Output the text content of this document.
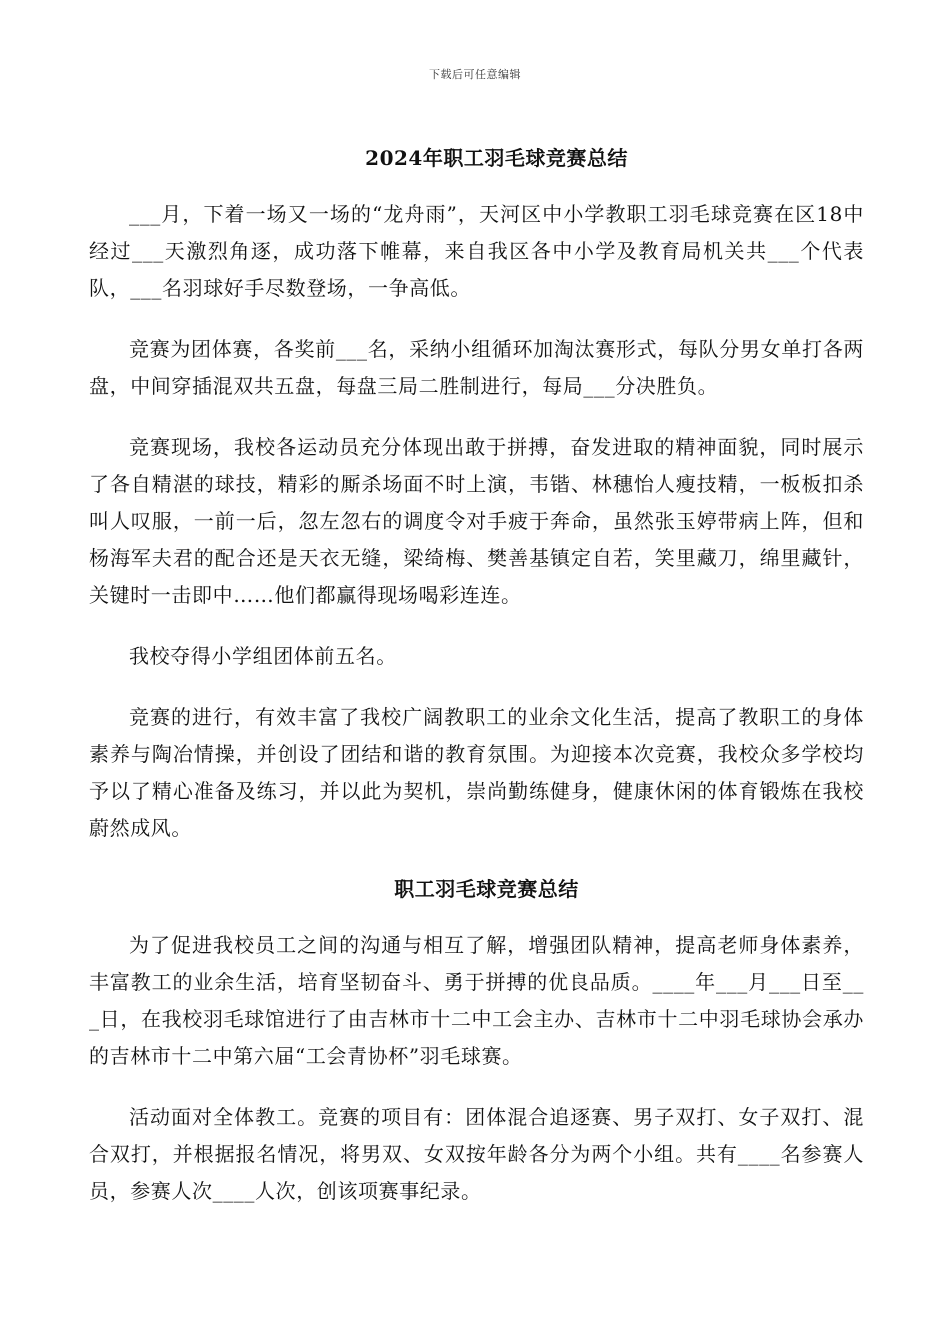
下载后可任意编辑
2024年职工羽毛球竞赛总结

___月，下着一场又一场的“龙舟雨”，天河区中小学教职工羽毛球竞赛在区18中经过___天激烈角逐，成功落下帷幕，来自我区各中小学及教育局机关共___个代表队，___名羽球好手尽数登场，一争高低。

竞赛为团体赛，各奖前___名，采纳小组循环加淘汰赛形式，每队分男女单打各两盘，中间穿插混双共五盘，每盘三局二胜制进行，每局___分决胜负。

竞赛现场，我校各运动员充分体现出敢于拼搏，奋发进取的精神面貌，同时展示了各自精湛的球技，精彩的厮杀场面不时上演，韦锴、林穗怡人瘦技精，一板板扣杀叫人叹服，一前一后，忽左忽右的调度令对手疲于奔命，虽然张玉婷带病上阵，但和杨海军夫君的配合还是天衣无缝，梁绮梅、樊善基镇定自若，笑里藏刀，绵里藏针，关键时一击即中……他们都赢得现场喝彩连连。

我校夺得小学组团体前五名。

竞赛的进行，有效丰富了我校广阔教职工的业余文化生活，提高了教职工的身体素养与陶冶情操，并创设了团结和谐的教育氛围。为迎接本次竞赛，我校众多学校均予以了精心准备及练习，并以此为契机，崇尚勤练健身，健康休闲的体育锻炼在我校蔚然成风。

职工羽毛球竞赛总结

为了促进我校员工之间的沟通与相互了解，增强团队精神，提高老师身体素养，丰富教工的业余生活，培育坚韧奋斗、勇于拼搏的优良品质。____年___月___日至___日，在我校羽毛球馆进行了由吉林市十二中工会主办、吉林市十二中羽毛球协会承办的吉林市十二中第六届“工会青协杯”羽毛球赛。

活动面对全体教工。竞赛的项目有：团体混合追逐赛、男子双打、女子双打、混合双打，并根据报名情况，将男双、女双按年龄各分为两个小组。共有____名参赛人员，参赛人次____人次，创该项赛事纪录。
